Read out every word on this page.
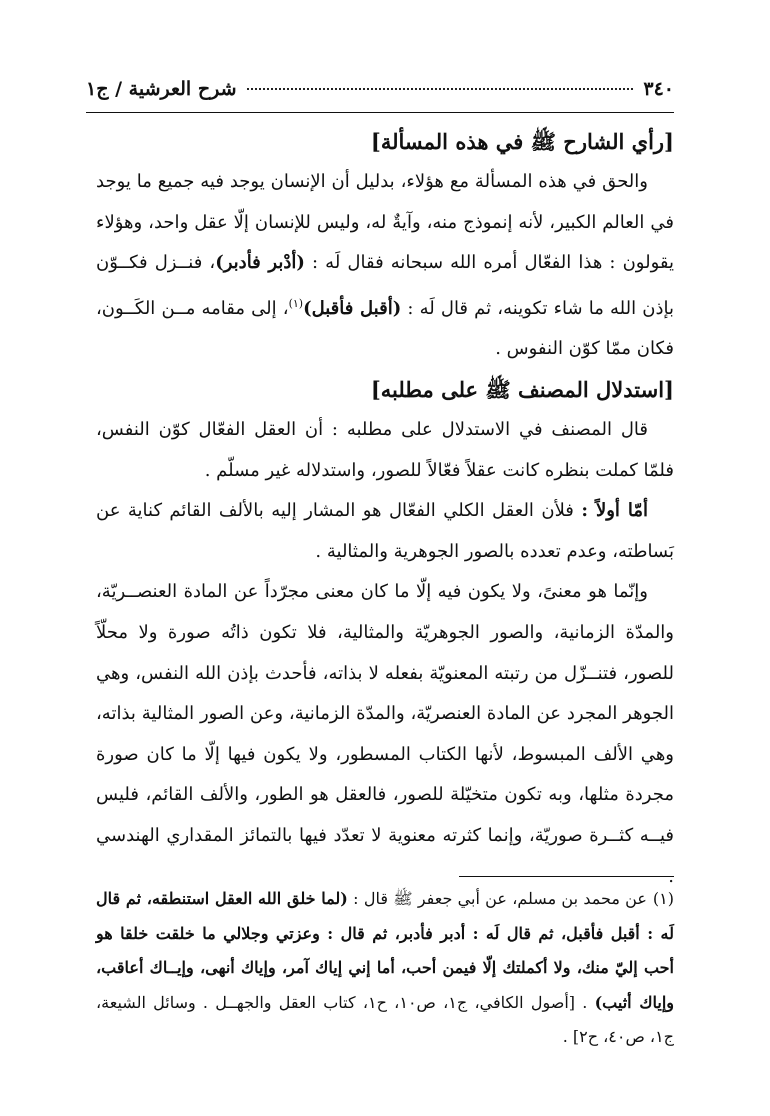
٣٤٠
شرح العرشية / ج١
[رأي الشارح ﷺ في هذه المسألة]

والحق في هذه المسألة مع هؤلاء، بدليل أن الإنسان يوجد فيه جميع ما يوجد في العالم الكبير، لأنه إنموذج منه، وآيةٌ له، وليس للإنسان إلّا عقل واحد، وهؤلاء يقولون : هذا الفعّال أمره الله سبحانه فقال لَه : (أدْبر فأدبر)، فنــزل فكــوّن بإذن الله ما شاء تكوينه، ثم قال لَه : (أقبل فأقبل)$^{(١)}$، إلى مقامه مــن الكَــون، فكان ممّا كوّن النفوس .

[استدلال المصنف ﷺ على مطلبه]

قال المصنف في الاستدلال على مطلبه : أن العقل الفعّال كوّن النفس، فلمّا كملت بنظره كانت عقلاً فعّالاً للصور، واستدلاله غير مسلّم .

أمّا أولاً : فلأن العقل الكلي الفعّال هو المشار إليه بالألف القائم كناية عن بَساطته، وعدم تعدده بالصور الجوهرية والمثالية .

وإنّما هو معنىً، ولا يكون فيه إلّا ما كان معنى مجرّداً عن المادة العنصــريّة، والمدّة الزمانية، والصور الجوهريّة والمثالية، فلا تكون ذاتُه صورة ولا محلّاً للصور، فتنــزّل من رتبته المعنويّة بفعله لا بذاته، فأحدث بإذن الله النفس، وهي الجوهر المجرد عن المادة العنصريّة، والمدّة الزمانية، وعن الصور المثالية بذاته، وهي الألف المبسوط، لأنها الكتاب المسطور، ولا يكون فيها إلّا ما كان صورة مجردة مثلها، وبه تكون متخيّلة للصور، فالعقل هو الطور، والألف القائم، فليس فيــه كثــرة صوريّة، وإنما كثرته معنوية لا تعدّد فيها بالتمائز المقداري الهندسي .

(١)عن محمد بن مسلم، عن أبي جعفر ﷺ قال : (لما خلق الله العقل استنطقه، ثم قال لَه : أقبل فأقبل، ثم قال لَه : أدبر فأدبر، ثم قال : وعزتي وجلالي ما خلقت خلقا هو أحب إليّ منك، ولا أكملتك إلّا فيمن أحب، أما إني إياك آمر، وإياك أنهى، وإيــاك أعاقب، وإياك أثيب) . [أصول الكافي، ج١، ص١٠، ح١، كتاب العقل والجهــل . وسائل الشيعة، ج١، ص٤٠، ح٢] .
